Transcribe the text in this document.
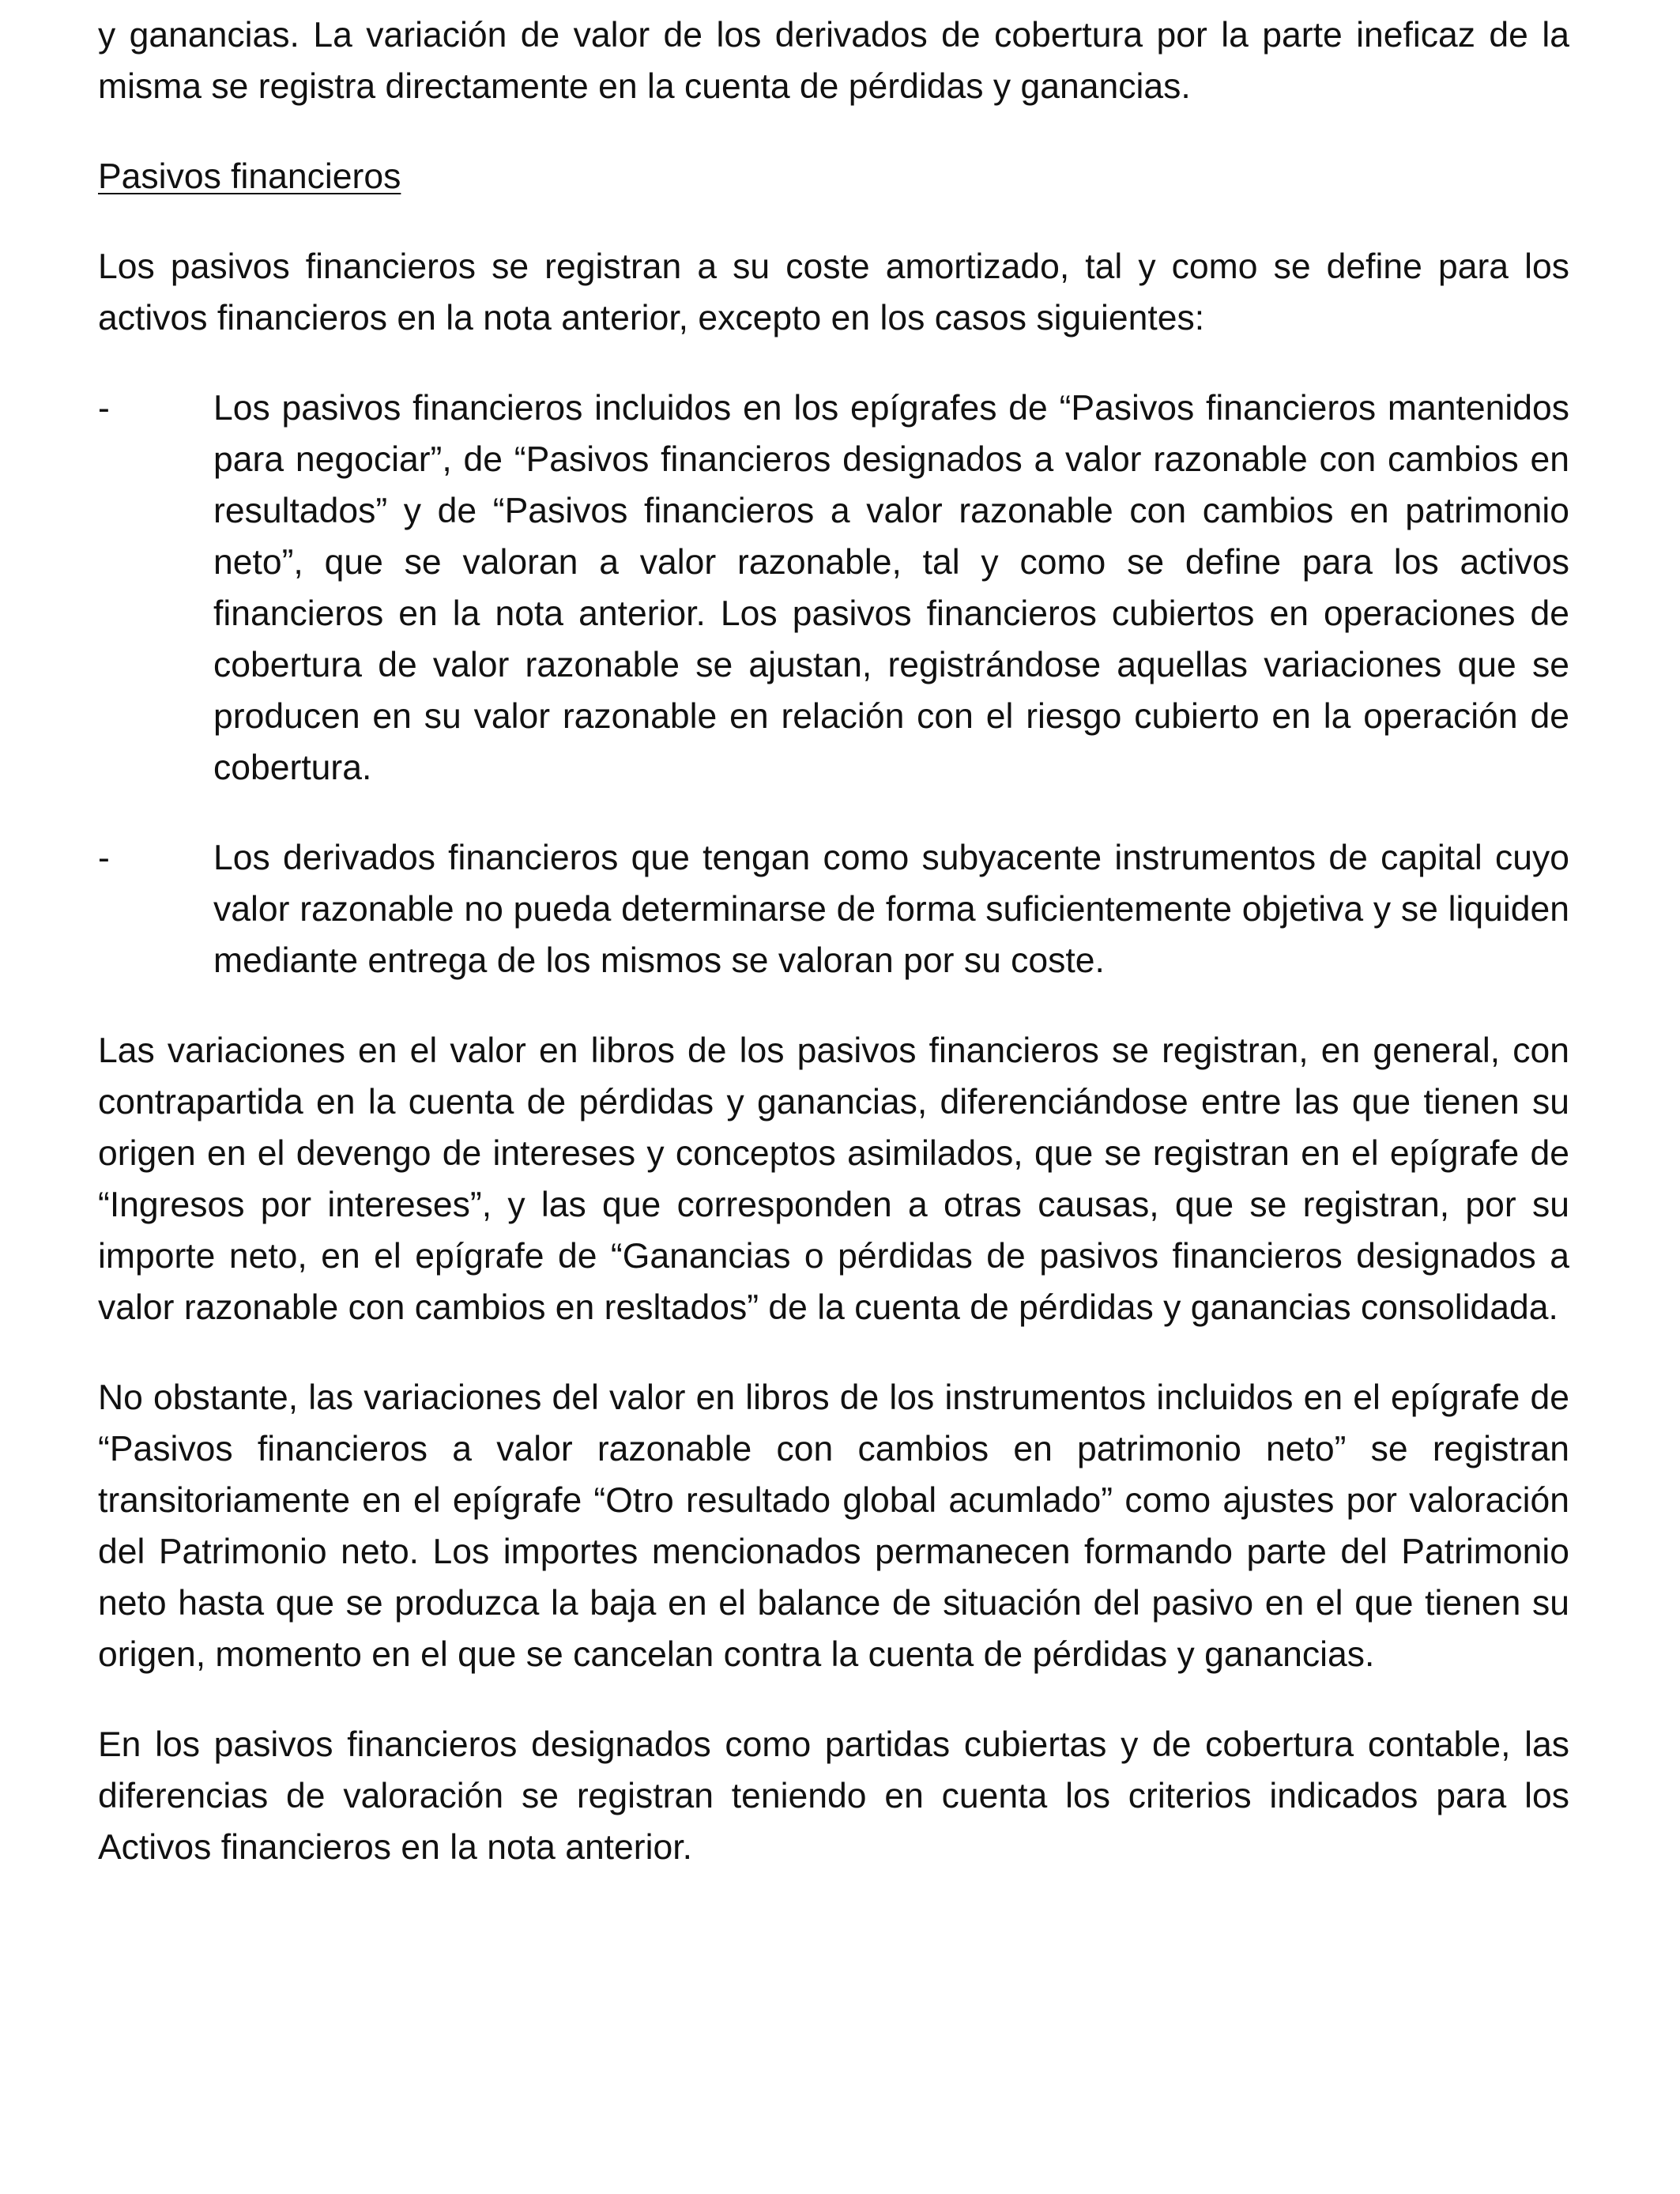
y ganancias. La variación de valor de los derivados de cobertura por la parte ineficaz de la misma se registra directamente en la cuenta de pérdidas y ganancias.

Pasivos financieros

Los pasivos financieros se registran a su coste amortizado, tal y como se define para los activos financieros en la nota anterior, excepto en los casos siguientes:

-	Los pasivos financieros incluidos en los epígrafes de “Pasivos financieros mantenidos para negociar”, de “Pasivos financieros designados a valor razonable con cambios en resultados” y de “Pasivos financieros a valor razonable con cambios en patrimonio neto”, que se valoran a valor razonable, tal y como se define para los activos financieros en la nota anterior. Los pasivos financieros cubiertos en operaciones de cobertura de valor razonable se ajustan, registrándose aquellas variaciones que se producen en su valor razonable en relación con el riesgo cubierto en la operación de cobertura.
-	Los derivados financieros que tengan como subyacente instrumentos de capital cuyo valor razonable no pueda determinarse de forma suficientemente objetiva y se liquiden mediante entrega de los mismos se valoran por su coste.

Las variaciones en el valor en libros de los pasivos financieros se registran, en general, con contrapartida en la cuenta de pérdidas y ganancias, diferenciándose entre las que tienen su origen en el devengo de intereses y conceptos asimilados, que se registran en el epígrafe de “Ingresos por intereses”, y las que corresponden a otras causas, que se registran, por su importe neto, en el epígrafe de “Ganancias o pérdidas de pasivos financieros designados a valor razonable con cambios en resltados” de la cuenta de pérdidas y ganancias consolidada.

No obstante, las variaciones del valor en libros de los instrumentos incluidos en el epígrafe de “Pasivos financieros a valor razonable con cambios en patrimonio neto” se registran transitoriamente en el epígrafe “Otro resultado global acumlado” como ajustes por valoración del Patrimonio neto. Los importes mencionados permanecen formando parte del Patrimonio neto hasta que se produzca la baja en el balance de situación del pasivo en el que tienen su origen, momento en el que se cancelan contra la cuenta de pérdidas y ganancias.

En los pasivos financieros designados como partidas cubiertas y de cobertura contable, las diferencias de valoración se registran teniendo en cuenta los criterios indicados para los Activos financieros en la nota anterior.
